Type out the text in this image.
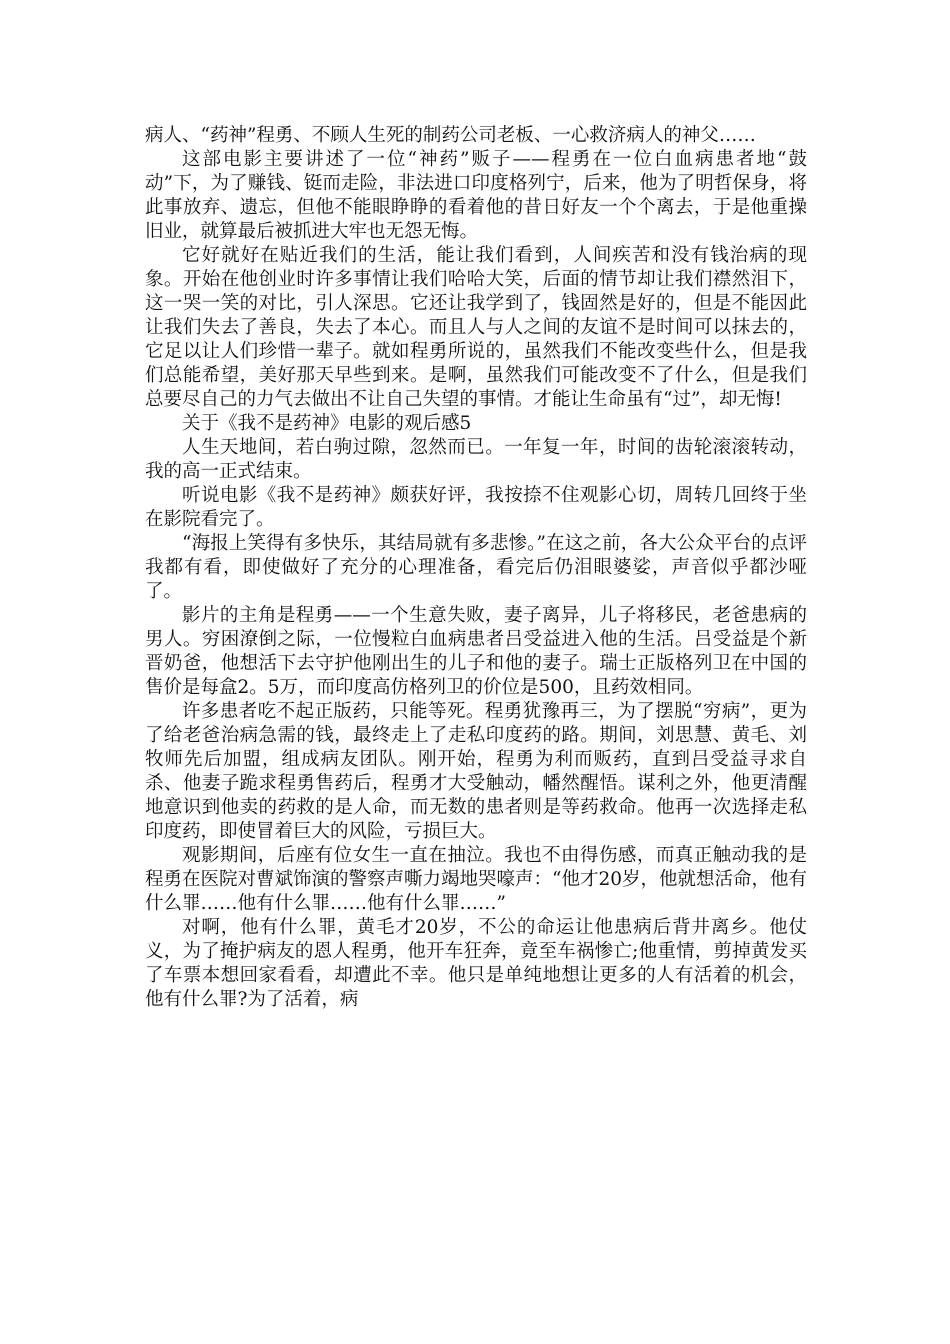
病人、“药神”程勇、不顾人生死的制药公司老板、一心救济病人的神父……

这部电影主要讲述了一位“神药”贩子——程勇在一位白血病患者地“鼓动”下，为了赚钱、铤而走险，非法进口印度格列宁，后来，他为了明哲保身，将此事放弃、遗忘，但他不能眼睁睁的看着他的昔日好友一个个离去，于是他重操旧业，就算最后被抓进大牢也无怨无悔。

它好就好在贴近我们的生活，能让我们看到，人间疾苦和没有钱治病的现象。开始在他创业时许多事情让我们哈哈大笑，后面的情节却让我们襟然泪下，这一哭一笑的对比，引人深思。它还让我学到了，钱固然是好的，但是不能因此让我们失去了善良，失去了本心。而且人与人之间的友谊不是时间可以抹去的，它足以让人们珍惜一辈子。就如程勇所说的，虽然我们不能改变些什么，但是我们总能希望，美好那天早些到来。是啊，虽然我们可能改变不了什么，但是我们总要尽自己的力气去做出不让自己失望的事情。才能让生命虽有“过”，却无悔!

关于《我不是药神》电影的观后感5

人生天地间，若白驹过隙，忽然而已。一年复一年，时间的齿轮滚滚转动，我的高一正式结束。

听说电影《我不是药神》颇获好评，我按捺不住观影心切，周转几回终于坐在影院看完了。

“海报上笑得有多快乐，其结局就有多悲惨。”在这之前，各大公众平台的点评我都有看，即使做好了充分的心理准备，看完后仍泪眼婆娑，声音似乎都沙哑了。

影片的主角是程勇——一个生意失败，妻子离异，儿子将移民，老爸患病的男人。穷困潦倒之际，一位慢粒白血病患者吕受益进入他的生活。吕受益是个新晋奶爸，他想活下去守护他刚出生的儿子和他的妻子。瑞士正版格列卫在中国的售价是每盒2。5万，而印度高仿格列卫的价位是500，且药效相同。

许多患者吃不起正版药，只能等死。程勇犹豫再三，为了摆脱“穷病”，更为了给老爸治病急需的钱，最终走上了走私印度药的路。期间，刘思慧、黄毛、刘牧师先后加盟，组成病友团队。刚开始，程勇为利而贩药，直到吕受益寻求自杀、他妻子跪求程勇售药后，程勇才大受触动，幡然醒悟。谋利之外，他更清醒地意识到他卖的药救的是人命，而无数的患者则是等药救命。他再一次选择走私印度药，即使冒着巨大的风险，亏损巨大。

观影期间，后座有位女生一直在抽泣。我也不由得伤感，而真正触动我的是程勇在医院对曹斌饰演的警察声嘶力竭地哭嚎声：“他才20岁，他就想活命，他有什么罪……他有什么罪……他有什么罪……”

对啊，他有什么罪，黄毛才20岁，不公的命运让他患病后背井离乡。他仗义，为了掩护病友的恩人程勇，他开车狂奔，竟至车祸惨亡;他重情，剪掉黄发买了车票本想回家看看，却遭此不幸。他只是单纯地想让更多的人有活着的机会，他有什么罪?为了活着，病
